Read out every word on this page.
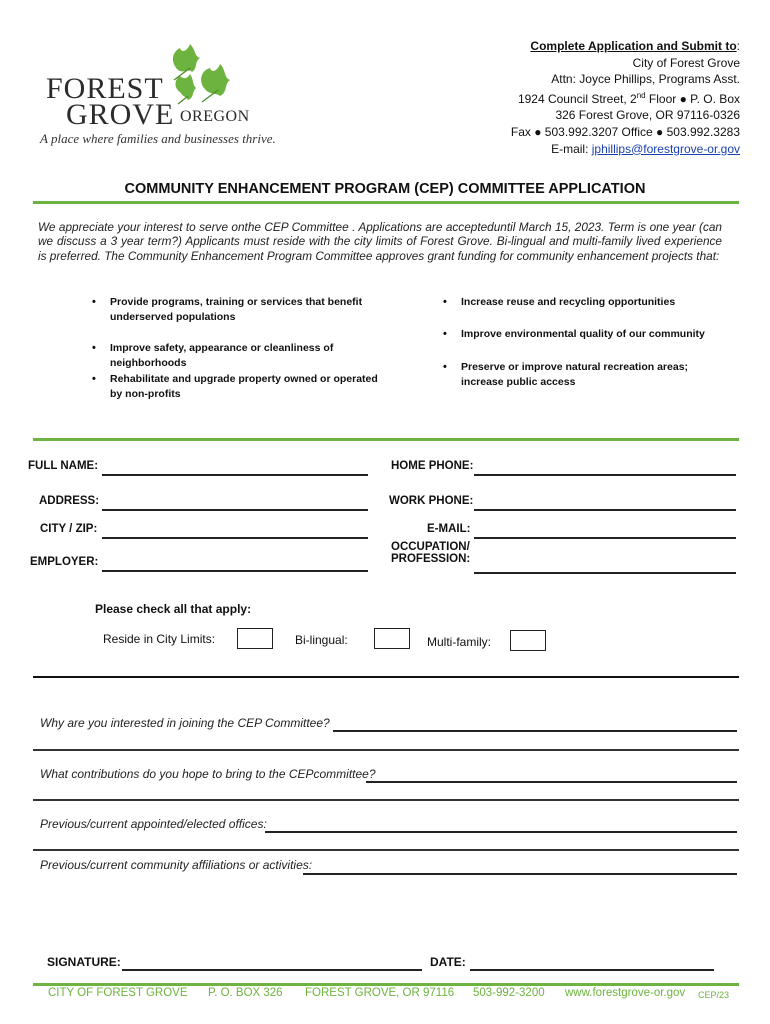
FOREST
GROVE OREGON
A place where families and businesses thrive.
Complete Application and Submit to:
City of Forest Grove
Attn: Joyce Phillips, Programs Asst.
1924 Council Street, 2nd Floor ● P. O. Box
326 Forest Grove, OR 97116-0326
Fax ● 503.992.3207 Office ● 503.992.3283
E-mail: jphillips@forestgrove-or.gov
COMMUNITY ENHANCEMENT PROGRAM (CEP) COMMITTEE APPLICATION
We appreciate your interest to serve onthe CEP Committee . Applications are acceptedu​ntil March 15, 2023. Term is one year (can we discuss a 3 year term?) Applicants must reside with the city limits of Forest Grove. Bi-lingual and multi-family lived experience is preferred. The Community Enhancement Program Committee approves grant funding for community enhancement projects that:
• Provide programs, training or services that benefit underserved populations
• Improve safety, appearance or cleanliness of neighborhoods
• Rehabilitate and upgrade property owned or operated by non-profits
• Increase reuse and recycling opportunities
• Improve environmental quality of our community
• Preserve or improve natural recreation areas; increase public access
FULL NAME:	HOME PHONE:
ADDRESS:	WORK PHONE:
CITY / ZIP:	E-MAIL:
EMPLOYER:
OCCUPATION/
PROFESSION:
Please check all that apply:
Reside in City Limits:	Bi-lingual:	Multi-family:
Why are you interested in joining the CEP Committee?
What contributions do you hope to bring to the CEPcommittee?
Previous/current appointed/elected offices:
Previous/current community affiliations or activities:
SIGNATURE:	DATE:
CITY OF FOREST GROVE P. O. BOX 326 FOREST GROVE, OR 97116 503-992-3200 www.forestgrove-or.gov CEP/23
